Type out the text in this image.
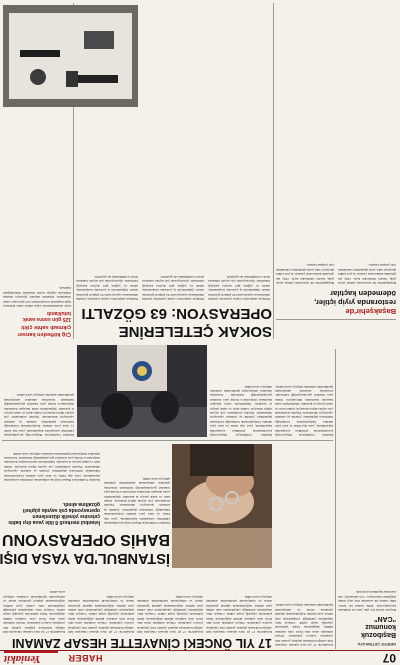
07
HABER
Yeniakit
17 YIL ÖNCEKİ CİNAYETTE HESAP ZAMANI
Kırşehir'de 17 yıl önce işlenen cinayetin faili olduğu belirlenen şüpheli, polisin titiz çalışması sonucu yakalandı. Olayın ardından uzun süre firari olan zanlının kimlik değiştirerek farklı şehirlerde yaşadığı tespit edildi. Cinayet büro ekiplerinin yürüttüğü çalışmalarda elde edilen yeni deliller doğrultusunda şüpheli gözaltına alındı ve emniyetteki işlemlerinin ardından adliyeye sevk edildi.
Kırşehir'de 17 yıl önce işlenen cinayetin faili olduğu belirlenen şüpheli, polisin titiz çalışması sonucu yakalandı. Olayın ardından uzun süre firari olan zanlının kimlik değiştirerek farklı şehirlerde yaşadığı tespit edildi. Cinayet büro ekiplerinin yürüttüğü çalışmalarda elde edilen yeni deliller doğrultusunda şüpheli gözaltına alındı ve emniyetteki işlemlerinin ardından adliyeye sevk edildi.
Kırşehir'de 17 yıl önce işlenen cinayetin faili olduğu belirlenen şüpheli, polisin titiz çalışması sonucu yakalandı. Olayın ardından uzun süre firari olan zanlının kimlik değiştirerek farklı şehirlerde yaşadığı tespit edildi. Cinayet büro ekiplerinin yürüttüğü çalışmalarda elde edilen yeni deliller doğrultusunda şüpheli gözaltına alındı ve emniyetteki işlemlerinin ardından adliyeye sevk edildi.
Kırşehir'de 17 yıl önce işlenen cinayetin faili olduğu belirlenen şüpheli, polisin titiz çalışması sonucu yakalandı. Olayın ardından uzun süre firari olan zanlının kimlik değiştirerek farklı şehirlerde yaşadığı tespit edildi. Cinayet büro ekiplerinin yürüttüğü çalışmalarda elde edilen yeni deliller doğrultusunda şüpheli gözaltına alındı ve emniyetteki işlemlerinin ardından adliyeye sevk edildi.
NEBİYE ÇETİNKAYA
Başıbozuk
konumuz
"CAN"
Hayatın içinde her gün yeni bir imtihanla karşılaşıyoruz. Kimi zaman bir haber, kimi zaman bir sessizlik bize neyi ihmal ettiğimizi hatırlatıyor. Can emanettir; onu korumak hepimizin görevidir.
Kırşehir'de 17 yıl önce işlenen cinayetin faili olduğu belirlenen şüpheli, polisin titiz çalışması sonucu yakalandı. Olayın ardından uzun süre firari olan zanlının kimlik değiştirerek farklı şehirlerde yaşadığı tespit edildi. Cinayet büro ekiplerinin yürüttüğü çalışmalarda elde edilen yeni deliller doğrultusunda şüpheli gözaltına alındı ve emniyetteki işlemlerinin ardından adliyeye sevk edildi.
İSTANBUL'DA YASA DIŞI
BAHİS OPERASYONU
İstanbul merkezli 8 ilde yasa dışı bahis çetesine yönelik düzenlenen operasyonda çok sayıda şüpheli gözaltına alındı.
İstanbul Cumhuriyet Başsavcılığı koordinesinde yürütülen soruşturma kapsamında, yasa dışı bahis ve kara para aklama faaliyetlerinde bulunduğu belirlenen şüphelilere yönelik eş zamanlı operasyon düzenlendi. Yapılan aramalarda çok sayıda dijital materyal, banka kartı ve nakit paraya el konuldu. Şüphelilerin sanal hesaplar üzerinden milyonlarca liralık para transferi gerçekleştirdiği belirlendi. Gözaltına alınanlar emniyetteki işlemlerinin ardından adliyeye sevk edildi.
İstanbul Cumhuriyet Başsavcılığı koordinesinde yürütülen soruşturma kapsamında, yasa dışı bahis ve kara para aklama faaliyetlerinde bulunduğu belirlenen şüphelilere yönelik eş zamanlı operasyon düzenlendi. Yapılan aramalarda çok sayıda dijital materyal, banka kartı ve nakit paraya el konuldu. Şüphelilerin sanal hesaplar üzerinden milyonlarca liralık para transferi gerçekleştirdiği belirlendi. Gözaltına alınanlar emniyetteki işlemlerinin ardından adliyeye sevk edildi.
İstanbul Cumhuriyet Başsavcılığı koordinesinde yürütülen soruşturma kapsamında, yasa dışı bahis ve kara para aklama faaliyetlerinde bulunduğu belirlenen şüphelilere yönelik eş zamanlı operasyon düzenlendi. Yapılan aramalarda çok sayıda dijital materyal, banka kartı ve nakit paraya el konuldu. Şüphelilerin sanal hesaplar üzerinden milyonlarca liralık para transferi gerçekleştirdiği belirlendi. Gözaltına alınanlar emniyetteki işlemlerinin ardından adliyeye sevk edildi.
İstanbul Cumhuriyet Başsavcılığı koordinesinde yürütülen soruşturma kapsamında, yasa dışı bahis ve kara para aklama faaliyetlerinde bulunduğu belirlenen şüphelilere yönelik eş zamanlı operasyon düzenlendi. Yapılan aramalarda çok sayıda dijital materyal, banka kartı ve nakit paraya el konuldu. Şüphelilerin sanal hesaplar üzerinden milyonlarca liralık para transferi gerçekleştirdiği belirlendi. Gözaltına alınanlar emniyetteki işlemlerinin ardından adliyeye sevk edildi.
İstanbul Cumhuriyet Başsavcılığı koordinesinde yürütülen soruşturma kapsamında, yasa dışı bahis ve kara para aklama faaliyetlerinde bulunduğu belirlenen şüphelilere yönelik eş zamanlı operasyon düzenlendi. Yapılan aramalarda çok sayıda dijital materyal, banka kartı ve nakit paraya el konuldu. Şüphelilerin sanal hesaplar üzerinden milyonlarca liralık para transferi gerçekleştirdiği belirlendi. Gözaltına alınanlar emniyetteki işlemlerinin ardından adliyeye sevk edildi.
SOKAK ÇETELERİNE
OPERASYON: 63 GÖZALTI	Başakşehir'de
restoranda yıyip içtiler,
ödemeden kaçtılar
Başakşehir'de bir restoranda yemek yiyen grup, hesabı ödemeden kaçtı. Olay anı güvenlik kamerasına yansıdı. İş yeri sahibi şikayetçi oldu, polis şüphelileri yakalamak için çalışma başlattı.
Başakşehir'de bir restoranda yemek yiyen grup, hesabı ödemeden kaçtı. Olay anı güvenlik kamerasına yansıdı. İş yeri sahibi şikayetçi oldu, polis şüphelileri yakalamak için çalışma başlattı.
Emniyet ekiplerince sokak çetelerine yönelik düzenlenen operasyonda 63 şüpheli gözaltına alındı. Şüphelilerin iş yerlerine kurşunlama, tehdit ve yağma gibi suçlara karıştığı belirlendi. Operasyonda çok sayıda ruhsatsız silah ve mühimmat ele geçirildi.
Emniyet ekiplerince sokak çetelerine yönelik düzenlenen operasyonda 63 şüpheli gözaltına alındı. Şüphelilerin iş yerlerine kurşunlama, tehdit ve yağma gibi suçlara karıştığı belirlendi. Operasyonda çok sayıda ruhsatsız silah ve mühimmat ele geçirildi.
Emniyet ekiplerince sokak çetelerine yönelik düzenlenen operasyonda 63 şüpheli gözaltına alındı. Şüphelilerin iş yerlerine kurşunlama, tehdit ve yağma gibi suçlara karıştığı belirlendi. Operasyonda çok sayıda ruhsatsız silah ve mühimmat ele geçirildi.
Çiğ köfteden kanser çıkmadı sahte çıktı
125 gün sonra sanık tutuklandı
Gıda denetimlerinde tespit edilen sahte ürünlerle ilgili başlatılan soruşturmada 125 gün sonra sanık tutuklandı. Denetim ekipleri piyasaya sürülen ürünlerde sağlığa zararlı maddeler bulunduğunu belirledi.
